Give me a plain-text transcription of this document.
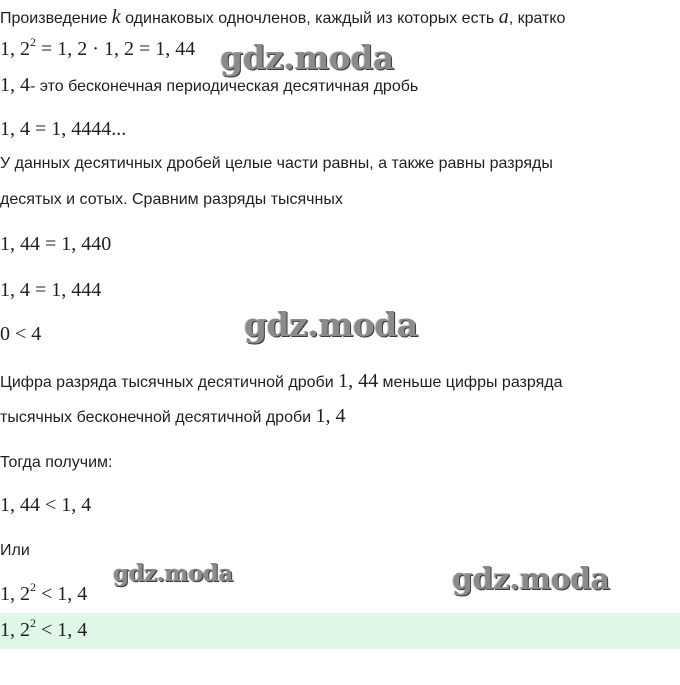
Произведение k одинаковых одночленов, каждый из которых есть a, кратко
1, $2^2 = 1$, 2 · 1, 2 = 1, 44
1, 4- это бесконечная периодическая десятичная дробь
1, 4 = 1, 4444...
У данных десятичных дробей целые части равны, а также равны разряды
десятых и сотых. Сравним разряды тысячных
1, 44 = 1, 440
1, 4 = 1, 444
0 < 4
Цифра разряда тысячных десятичной дроби 1, 44 меньше цифры разряда
тысячных бесконечной десятичной дроби 1, 4
Тогда получим:
1, 44 < 1, 4
Или
1, $2^2 < 1$, 4
1, $2^2 < 1$, 4
gdz.moda
gdz.moda
gdz.moda	gdz.moda
